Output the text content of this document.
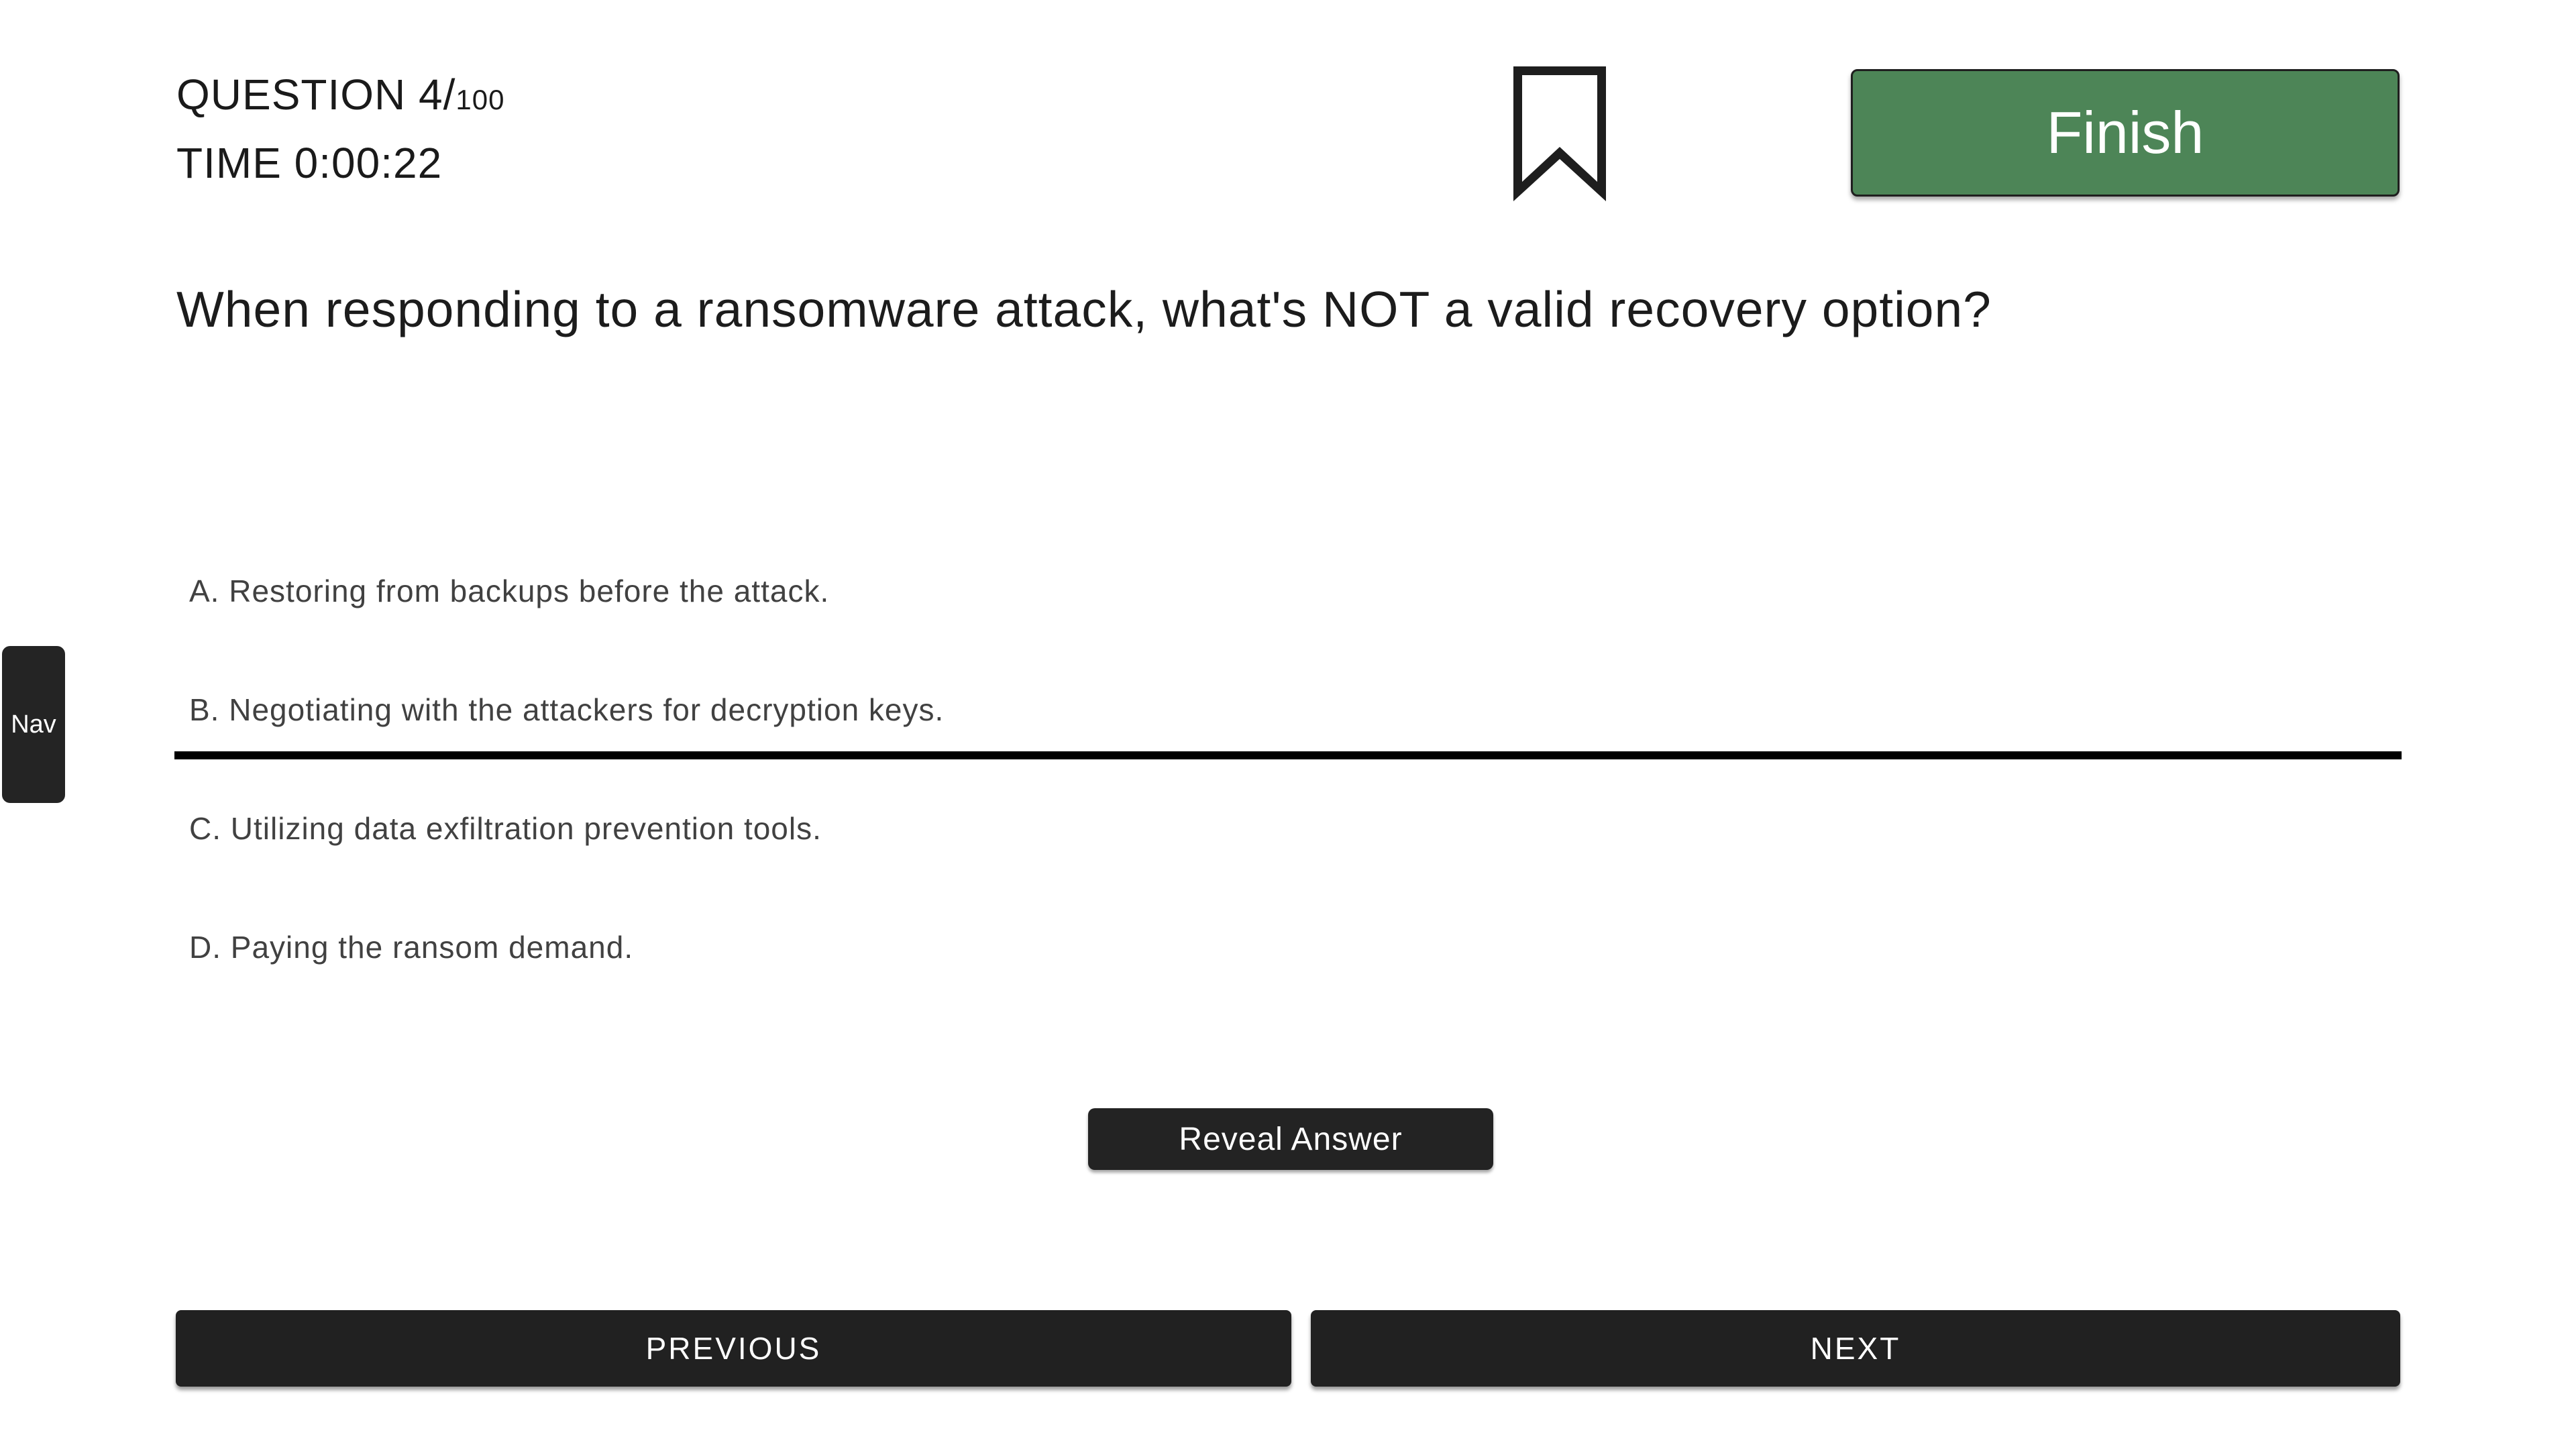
QUESTION 4/100
TIME 0:00:22	Finish
When responding to a ransomware attack, what's NOT a valid recovery option?
A. Restoring from backups before the attack.
B. Negotiating with the attackers for decryption keys.
C. Utilizing data exfiltration prevention tools.
D. Paying the ransom demand.
Reveal Answer
PREVIOUS	NEXT
Nav
